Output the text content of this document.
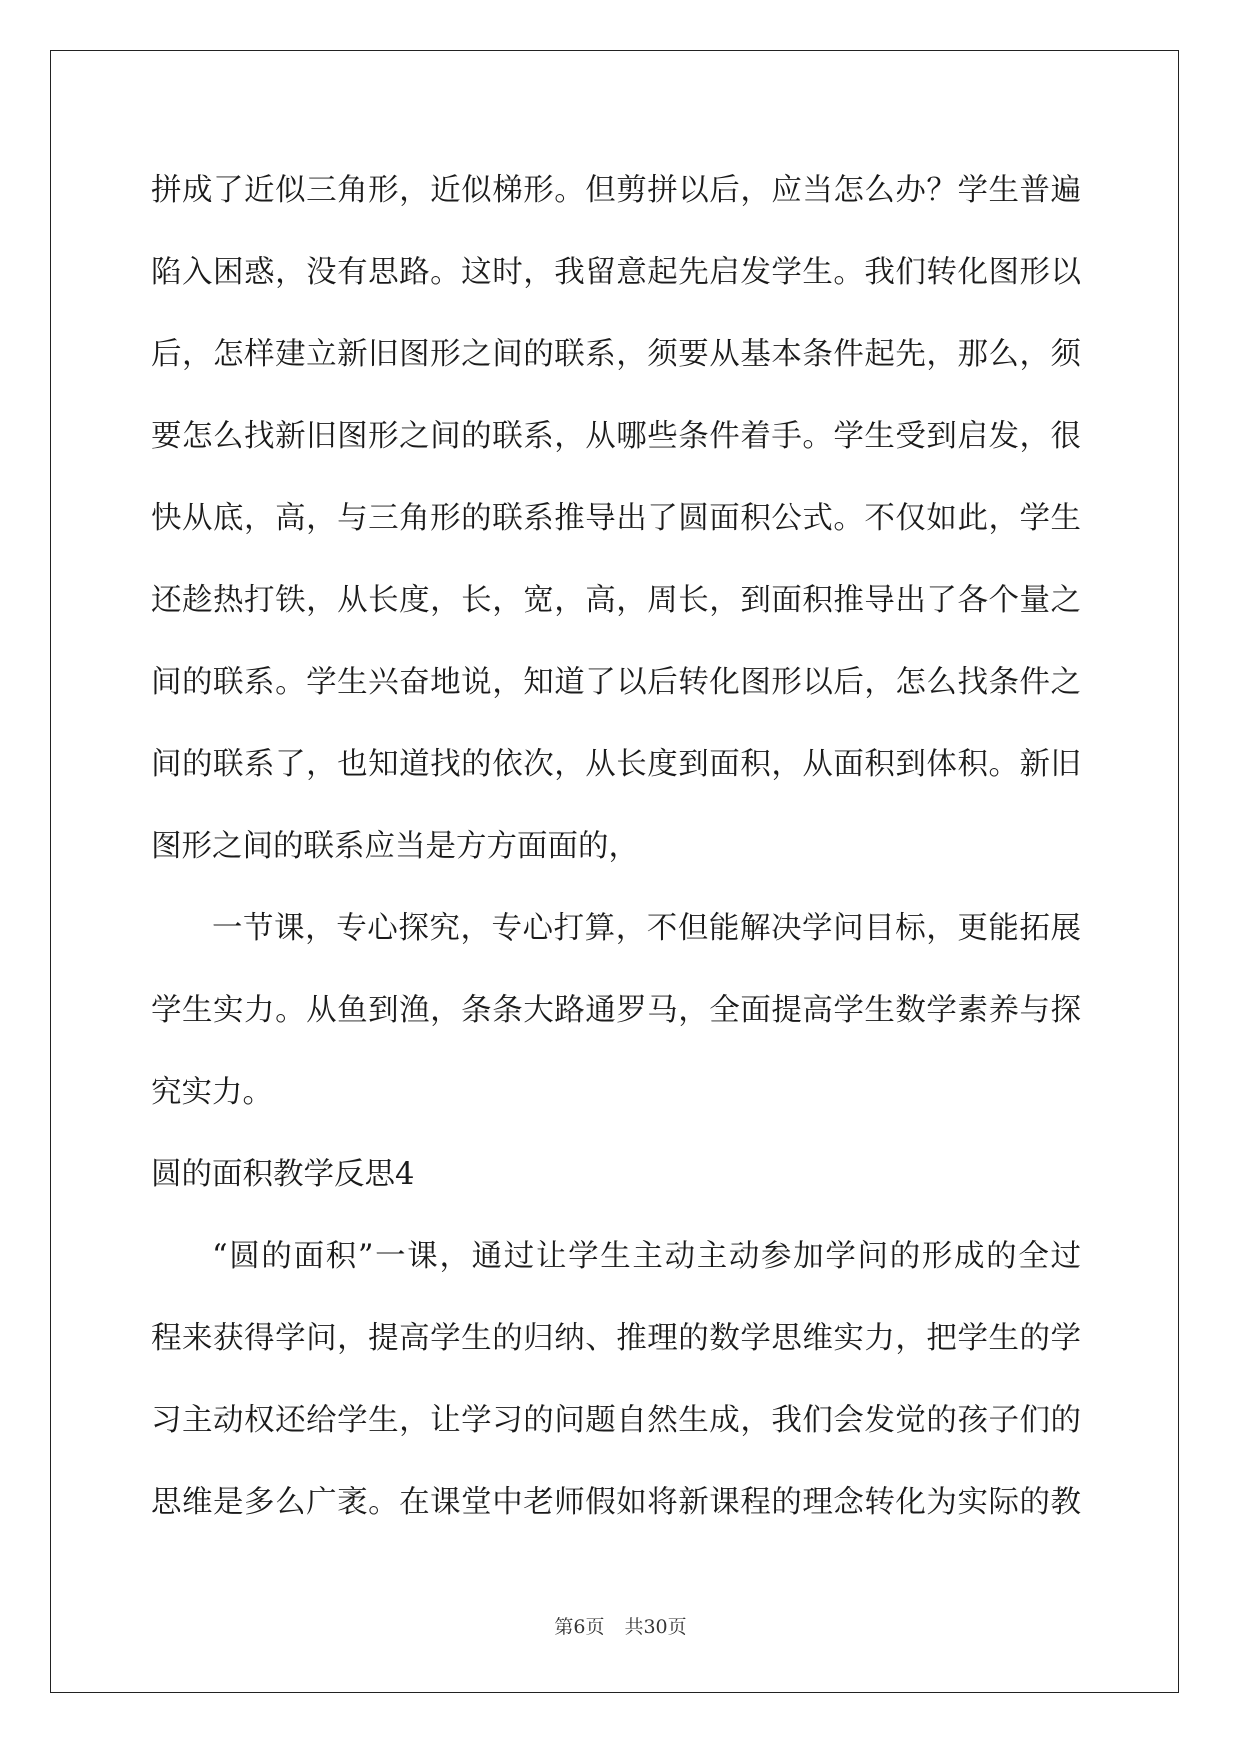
拼成了近似三角形，近似梯形。但剪拼以后，应当怎么办？学生普遍
陷入困惑，没有思路。这时，我留意起先启发学生。我们转化图形以
后，怎样建立新旧图形之间的联系，须要从基本条件起先，那么，须
要怎么找新旧图形之间的联系，从哪些条件着手。学生受到启发，很
快从底，高，与三角形的联系推导出了圆面积公式。不仅如此，学生
还趁热打铁，从长度，长，宽，高，周长，到面积推导出了各个量之
间的联系。学生兴奋地说，知道了以后转化图形以后，怎么找条件之
间的联系了，也知道找的依次，从长度到面积，从面积到体积。新旧
图形之间的联系应当是方方面面的，
一节课，专心探究，专心打算，不但能解决学问目标，更能拓展
学生实力。从鱼到渔，条条大路通罗马，全面提高学生数学素养与探
究实力。
圆的面积教学反思4
“圆的面积”一课，通过让学生主动主动参加学问的形成的全过
程来获得学问，提高学生的归纳、推理的数学思维实力，把学生的学
习主动权还给学生，让学习的问题自然生成，我们会发觉的孩子们的
思维是多么广袤。在课堂中老师假如将新课程的理念转化为实际的教
第6页 共30页
